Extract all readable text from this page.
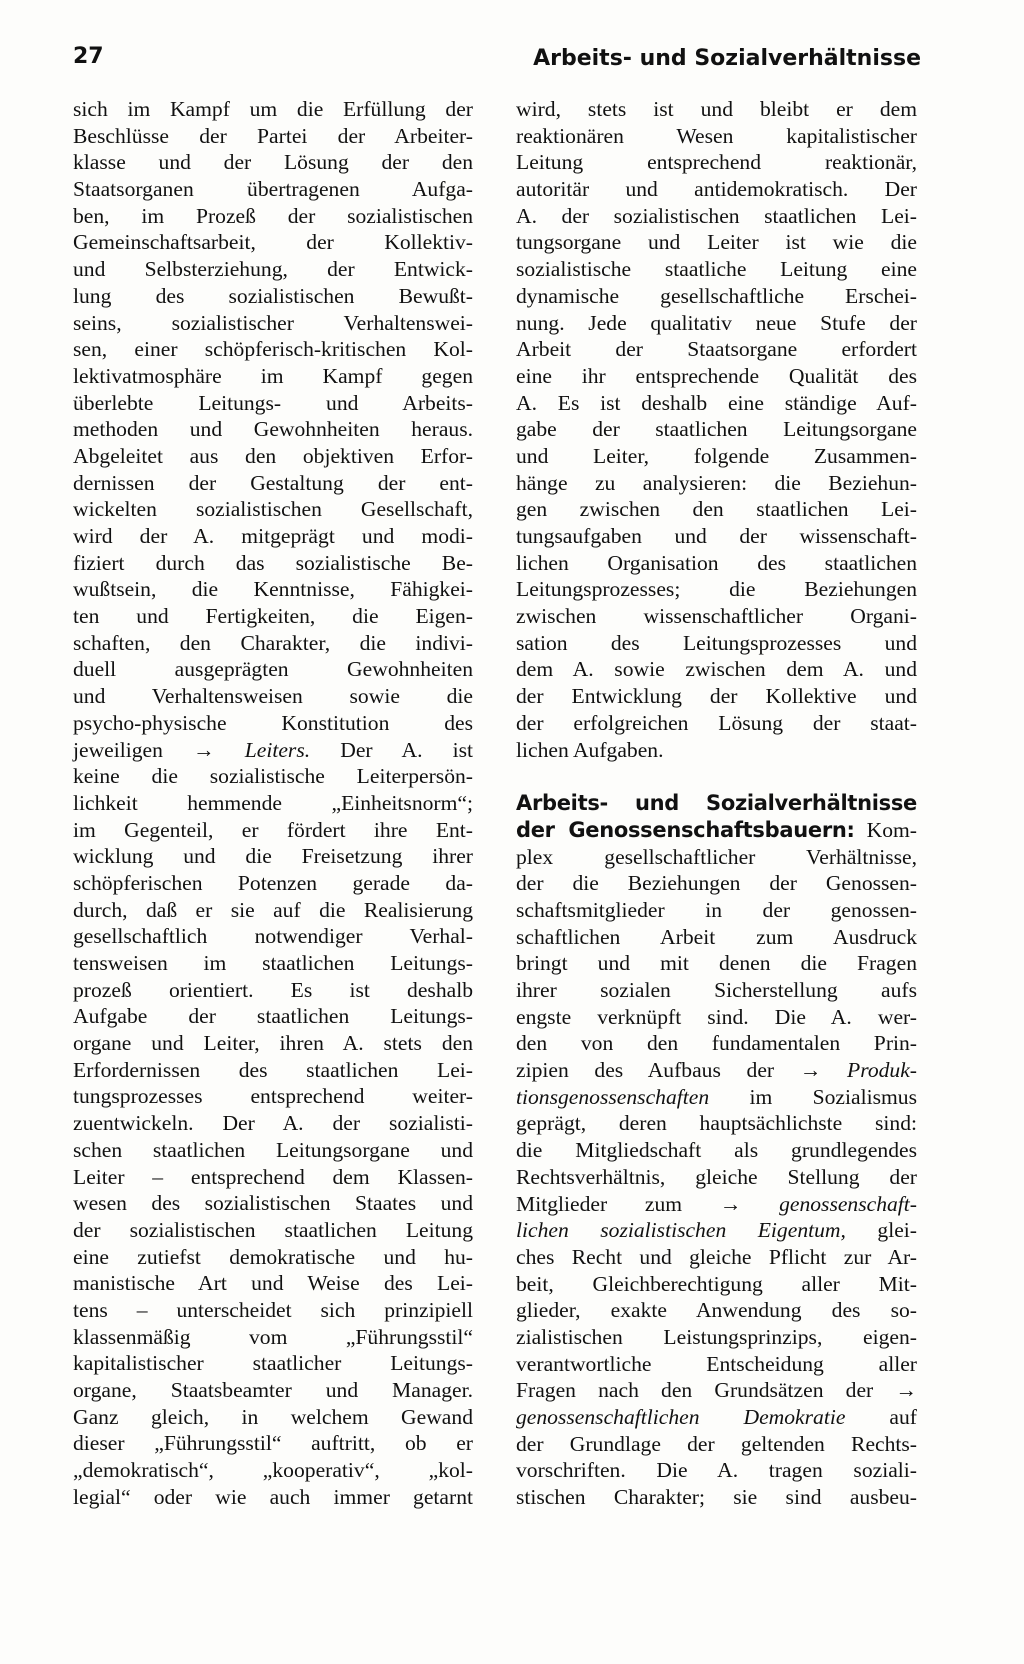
27	Arbeits- und Sozialverhältnisse
sich im Kampf um die Erfüllung der
Beschlüsse der Partei der Arbeiter-
klasse und der Lösung der den
Staatsorganen übertragenen Aufga-
ben, im Prozeß der sozialistischen
Gemeinschaftsarbeit, der Kollektiv-
und Selbsterziehung, der Entwick-
lung des sozialistischen Bewußt-
seins, sozialistischer Verhaltenswei-
sen, einer schöpferisch-kritischen Kol-
lektivatmosphäre im Kampf gegen
überlebte Leitungs- und Arbeits-
methoden und Gewohnheiten heraus.
Abgeleitet aus den objektiven Erfor-
dernissen der Gestaltung der ent-
wickelten sozialistischen Gesellschaft,
wird der A. mitgeprägt und modi-
fiziert durch das sozialistische Be-
wußtsein, die Kenntnisse, Fähigkei-
ten und Fertigkeiten, die Eigen-
schaften, den Charakter, die indivi-
duell ausgeprägten Gewohnheiten
und Verhaltensweisen sowie die
psycho-physische Konstitution des
jeweiligen → Leiters. Der A. ist
keine die sozialistische Leiterpersön-
lichkeit hemmende „Einheitsnorm“;
im Gegenteil, er fördert ihre Ent-
wicklung und die Freisetzung ihrer
schöpferischen Potenzen gerade da-
durch, daß er sie auf die Realisierung
gesellschaftlich notwendiger Verhal-
tensweisen im staatlichen Leitungs-
prozeß orientiert. Es ist deshalb
Aufgabe der staatlichen Leitungs-
organe und Leiter, ihren A. stets den
Erfordernissen des staatlichen Lei-
tungsprozesses entsprechend weiter-
zuentwickeln. Der A. der sozialisti-
schen staatlichen Leitungsorgane und
Leiter – entsprechend dem Klassen-
wesen des sozialistischen Staates und
der sozialistischen staatlichen Leitung
eine zutiefst demokratische und hu-
manistische Art und Weise des Lei-
tens – unterscheidet sich prinzipiell
klassenmäßig vom „Führungsstil“
kapitalistischer staatlicher Leitungs-
organe, Staatsbeamter und Manager.
Ganz gleich, in welchem Gewand
dieser „Führungsstil“ auftritt, ob er
„demokratisch“, „kooperativ“, „kol-
legial“ oder wie auch immer getarnt
wird, stets ist und bleibt er dem
reaktionären Wesen kapitalistischer
Leitung entsprechend reaktionär,
autoritär und antidemokratisch. Der
A. der sozialistischen staatlichen Lei-
tungsorgane und Leiter ist wie die
sozialistische staatliche Leitung eine
dynamische gesellschaftliche Erschei-
nung. Jede qualitativ neue Stufe der
Arbeit der Staatsorgane erfordert
eine ihr entsprechende Qualität des
A. Es ist deshalb eine ständige Auf-
gabe der staatlichen Leitungsorgane
und Leiter, folgende Zusammen-
hänge zu analysieren: die Beziehun-
gen zwischen den staatlichen Lei-
tungsaufgaben und der wissenschaft-
lichen Organisation des staatlichen
Leitungsprozesses; die Beziehungen
zwischen wissenschaftlicher Organi-
sation des Leitungsprozesses und
dem A. sowie zwischen dem A. und
der Entwicklung der Kollektive und
der erfolgreichen Lösung der staat-
lichen Aufgaben.
Arbeits- und Sozialverhältnisse
der Genossenschaftsbauern: Kom-
plex gesellschaftlicher Verhältnisse,
der die Beziehungen der Genossen-
schaftsmitglieder in der genossen-
schaftlichen Arbeit zum Ausdruck
bringt und mit denen die Fragen
ihrer sozialen Sicherstellung aufs
engste verknüpft sind. Die A. wer-
den von den fundamentalen Prin-
zipien des Aufbaus der → Produk-
tionsgenossenschaften im Sozialismus
geprägt, deren hauptsächlichste sind:
die Mitgliedschaft als grundlegendes
Rechtsverhältnis, gleiche Stellung der
Mitglieder zum → genossenschaft-
lichen sozialistischen Eigentum, glei-
ches Recht und gleiche Pflicht zur Ar-
beit, Gleichberechtigung aller Mit-
glieder, exakte Anwendung des so-
zialistischen Leistungsprinzips, eigen-
verantwortliche Entscheidung aller
Fragen nach den Grundsätzen der →
genossenschaftlichen Demokratie auf
der Grundlage der geltenden Rechts-
vorschriften. Die A. tragen soziali-
stischen Charakter; sie sind ausbeu-
